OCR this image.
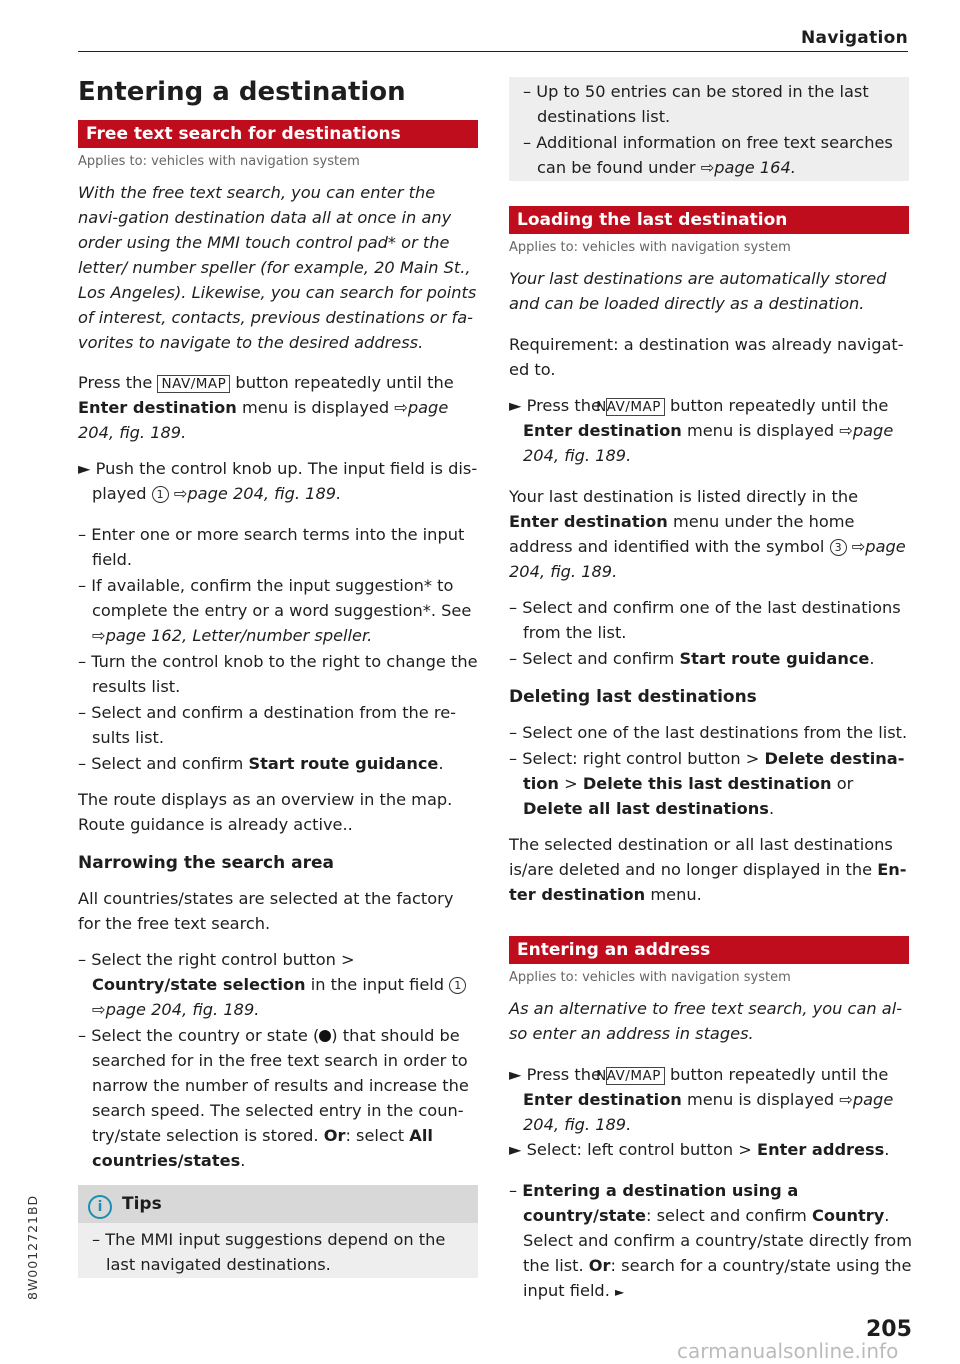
Navigation
Entering a destination
Free text search for destinations
Applies to: vehicles with navigation system

With the free text search, you can enter the navi-gation destination data all at once in any order using the MMI touch control pad* or the letter/ number speller (for example, 20 Main St., Los Angeles). Likewise, you can search for points of interest, contacts, previous destinations or fa-vorites to navigate to the desired address.

Press the NAV/MAP button repeatedly until the Enter destination menu is displayed ⇨page 204, fig. 189.

► Push the control knob up. The input field is dis-played 1 ⇨page 204, fig. 189.

– Enter one or more search terms into the input field.

– If available, confirm the input suggestion* to complete the entry or a word suggestion*. See ⇨page 162, Letter/number speller.

– Turn the control knob to the right to change the results list.

– Select and confirm a destination from the re-sults list.

– Select and confirm Start route guidance.

The route displays as an overview in the map. Route guidance is already active..

Narrowing the search area

All countries/states are selected at the factory for the free text search.

– Select the right control button > Country/state selection in the input field 1 ⇨page 204, fig. 189.

– Select the country or state ( ) that should be searched for in the free text search in order to narrow the number of results and increase the search speed. The selected entry in the coun-try/state selection is stored. Or: select All countries/states.

i Tips

– The MMI input suggestions depend on the last navigated destinations.

– Up to 50 entries can be stored in the last destinations list.

– Additional information on free text searches can be found under ⇨page 164.

Loading the last destination
Applies to: vehicles with navigation system

Your last destinations are automatically stored and can be loaded directly as a destination.

Requirement: a destination was already navigat-ed to.

► Press the NAV/MAP button repeatedly until the Enter destination menu is displayed ⇨page 204, fig. 189.

Your last destination is listed directly in the Enter destination menu under the home address and identified with the symbol 3 ⇨page 204, fig. 189.

– Select and confirm one of the last destinations from the list.

– Select and confirm Start route guidance.

Deleting last destinations

– Select one of the last destinations from the list.

– Select: right control button > Delete destina-tion > Delete this last destination or Delete all last destinations.

The selected destination or all last destinations is/are deleted and no longer displayed in the En-ter destination menu.

Entering an address
Applies to: vehicles with navigation system

As an alternative to free text search, you can al-so enter an address in stages.

► Press the NAV/MAP button repeatedly until the Enter destination menu is displayed ⇨page 204, fig. 189.

► Select: left control button > Enter address.

– Entering a destination using a country/state: select and confirm Country. Select and confirm a country/state directly from the list. Or: search for a country/state using the input field. ►

8W0012721BD
205
carmanualsonline.info
